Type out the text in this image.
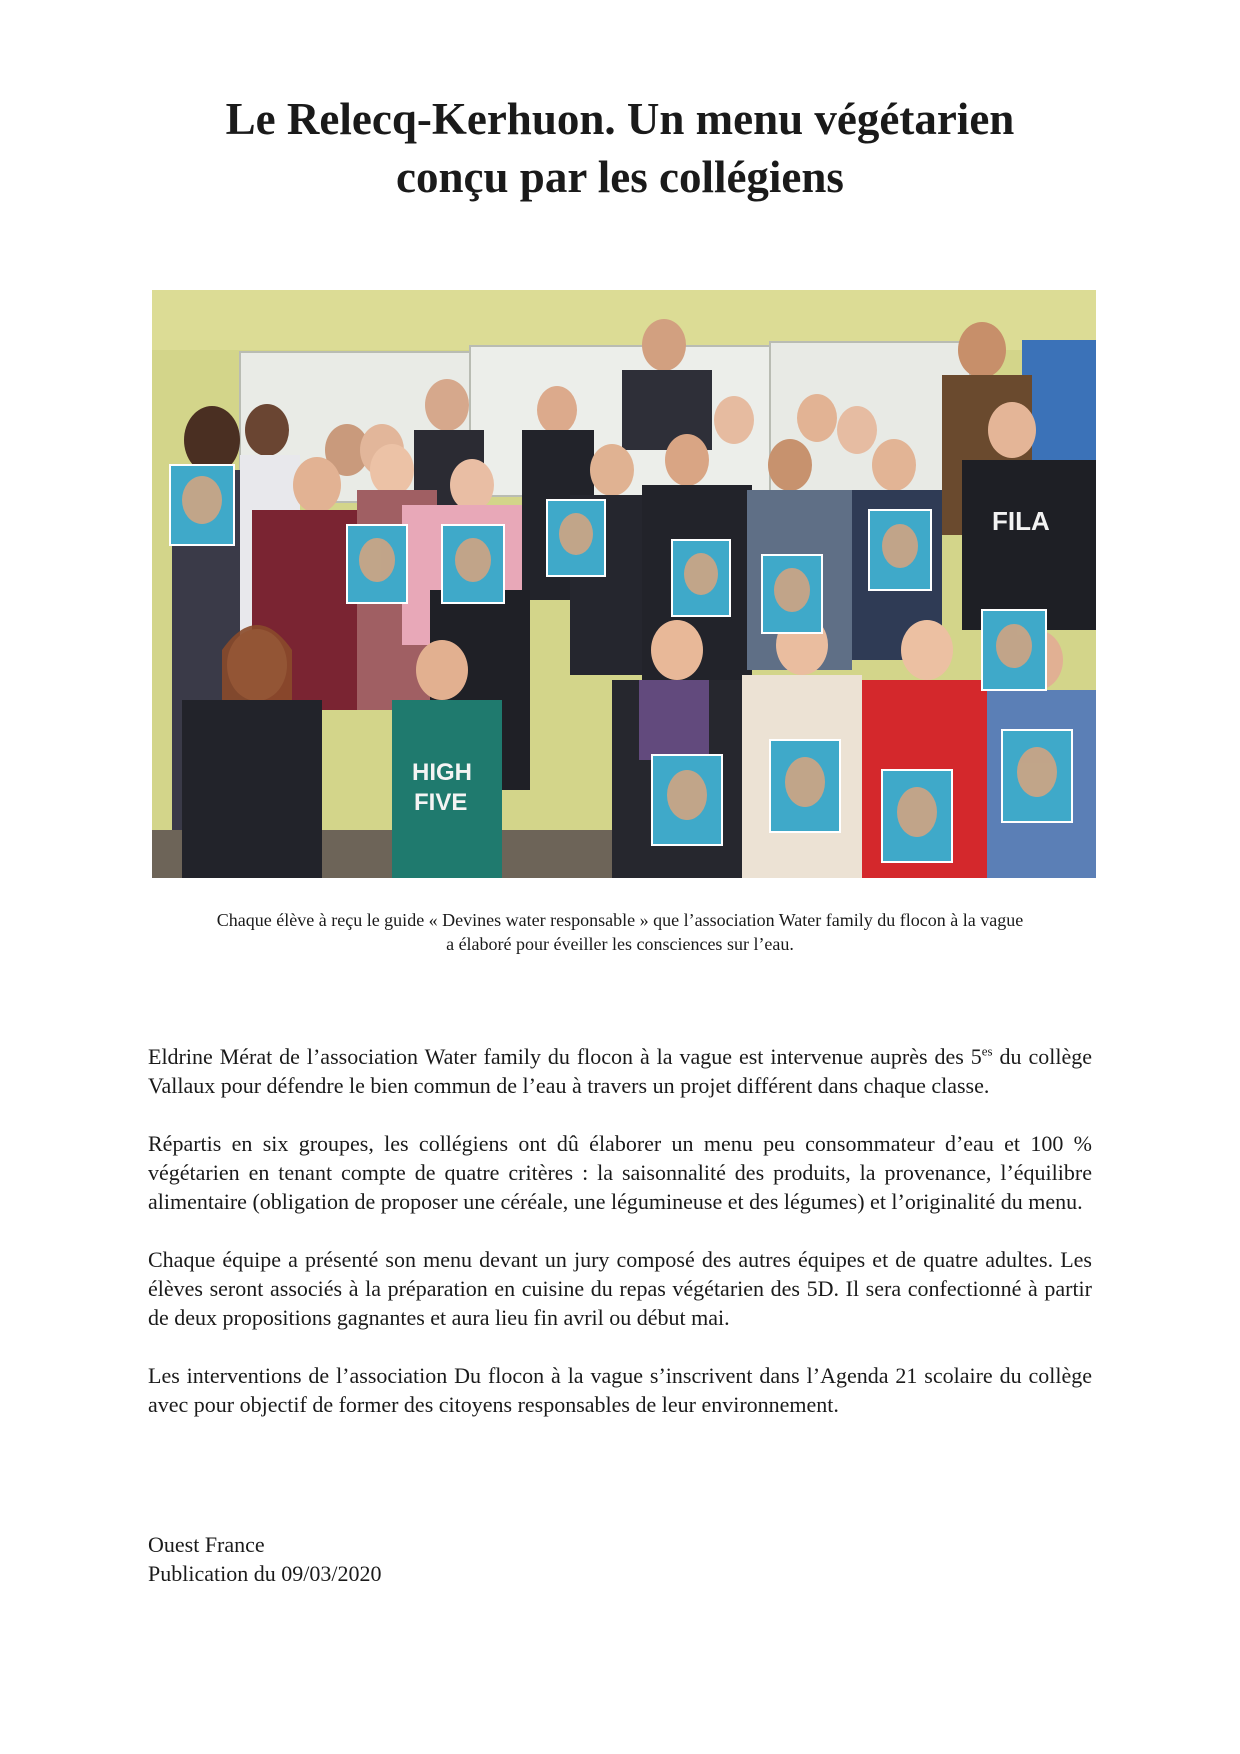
Le Relecq-Kerhuon. Un menu végétarien
conçu par les collégiens
FILA
HIGH
FIVE

Chaque élève à reçu le guide « Devines water responsable » que l’association Water family du flocon à la vague
a élaboré pour éveiller les consciences sur l’eau.

Eldrine Mérat de l’association Water family du flocon à la vague est intervenue auprès des $5^{es}$ du collège Vallaux pour défendre le bien commun de l’eau à travers un projet différent dans chaque classe.

Répartis en six groupes, les collégiens ont dû élaborer un menu peu consommateur d’eau et 100 % végétarien en tenant compte de quatre critères : la saisonnalité des produits, la provenance, l’équilibre alimentaire (obligation de proposer une céréale, une légumineuse et des légumes) et l’originalité du menu.

Chaque équipe a présenté son menu devant un jury composé des autres équipes et de quatre adultes. Les élèves seront associés à la préparation en cuisine du repas végétarien des 5D. Il sera confectionné à partir de deux propositions gagnantes et aura lieu fin avril ou début mai.

Les interventions de l’association Du flocon à la vague s’inscrivent dans l’Agenda 21 scolaire du collège avec pour objectif de former des citoyens responsables de leur environnement.

Ouest France
Publication du 09/03/2020
